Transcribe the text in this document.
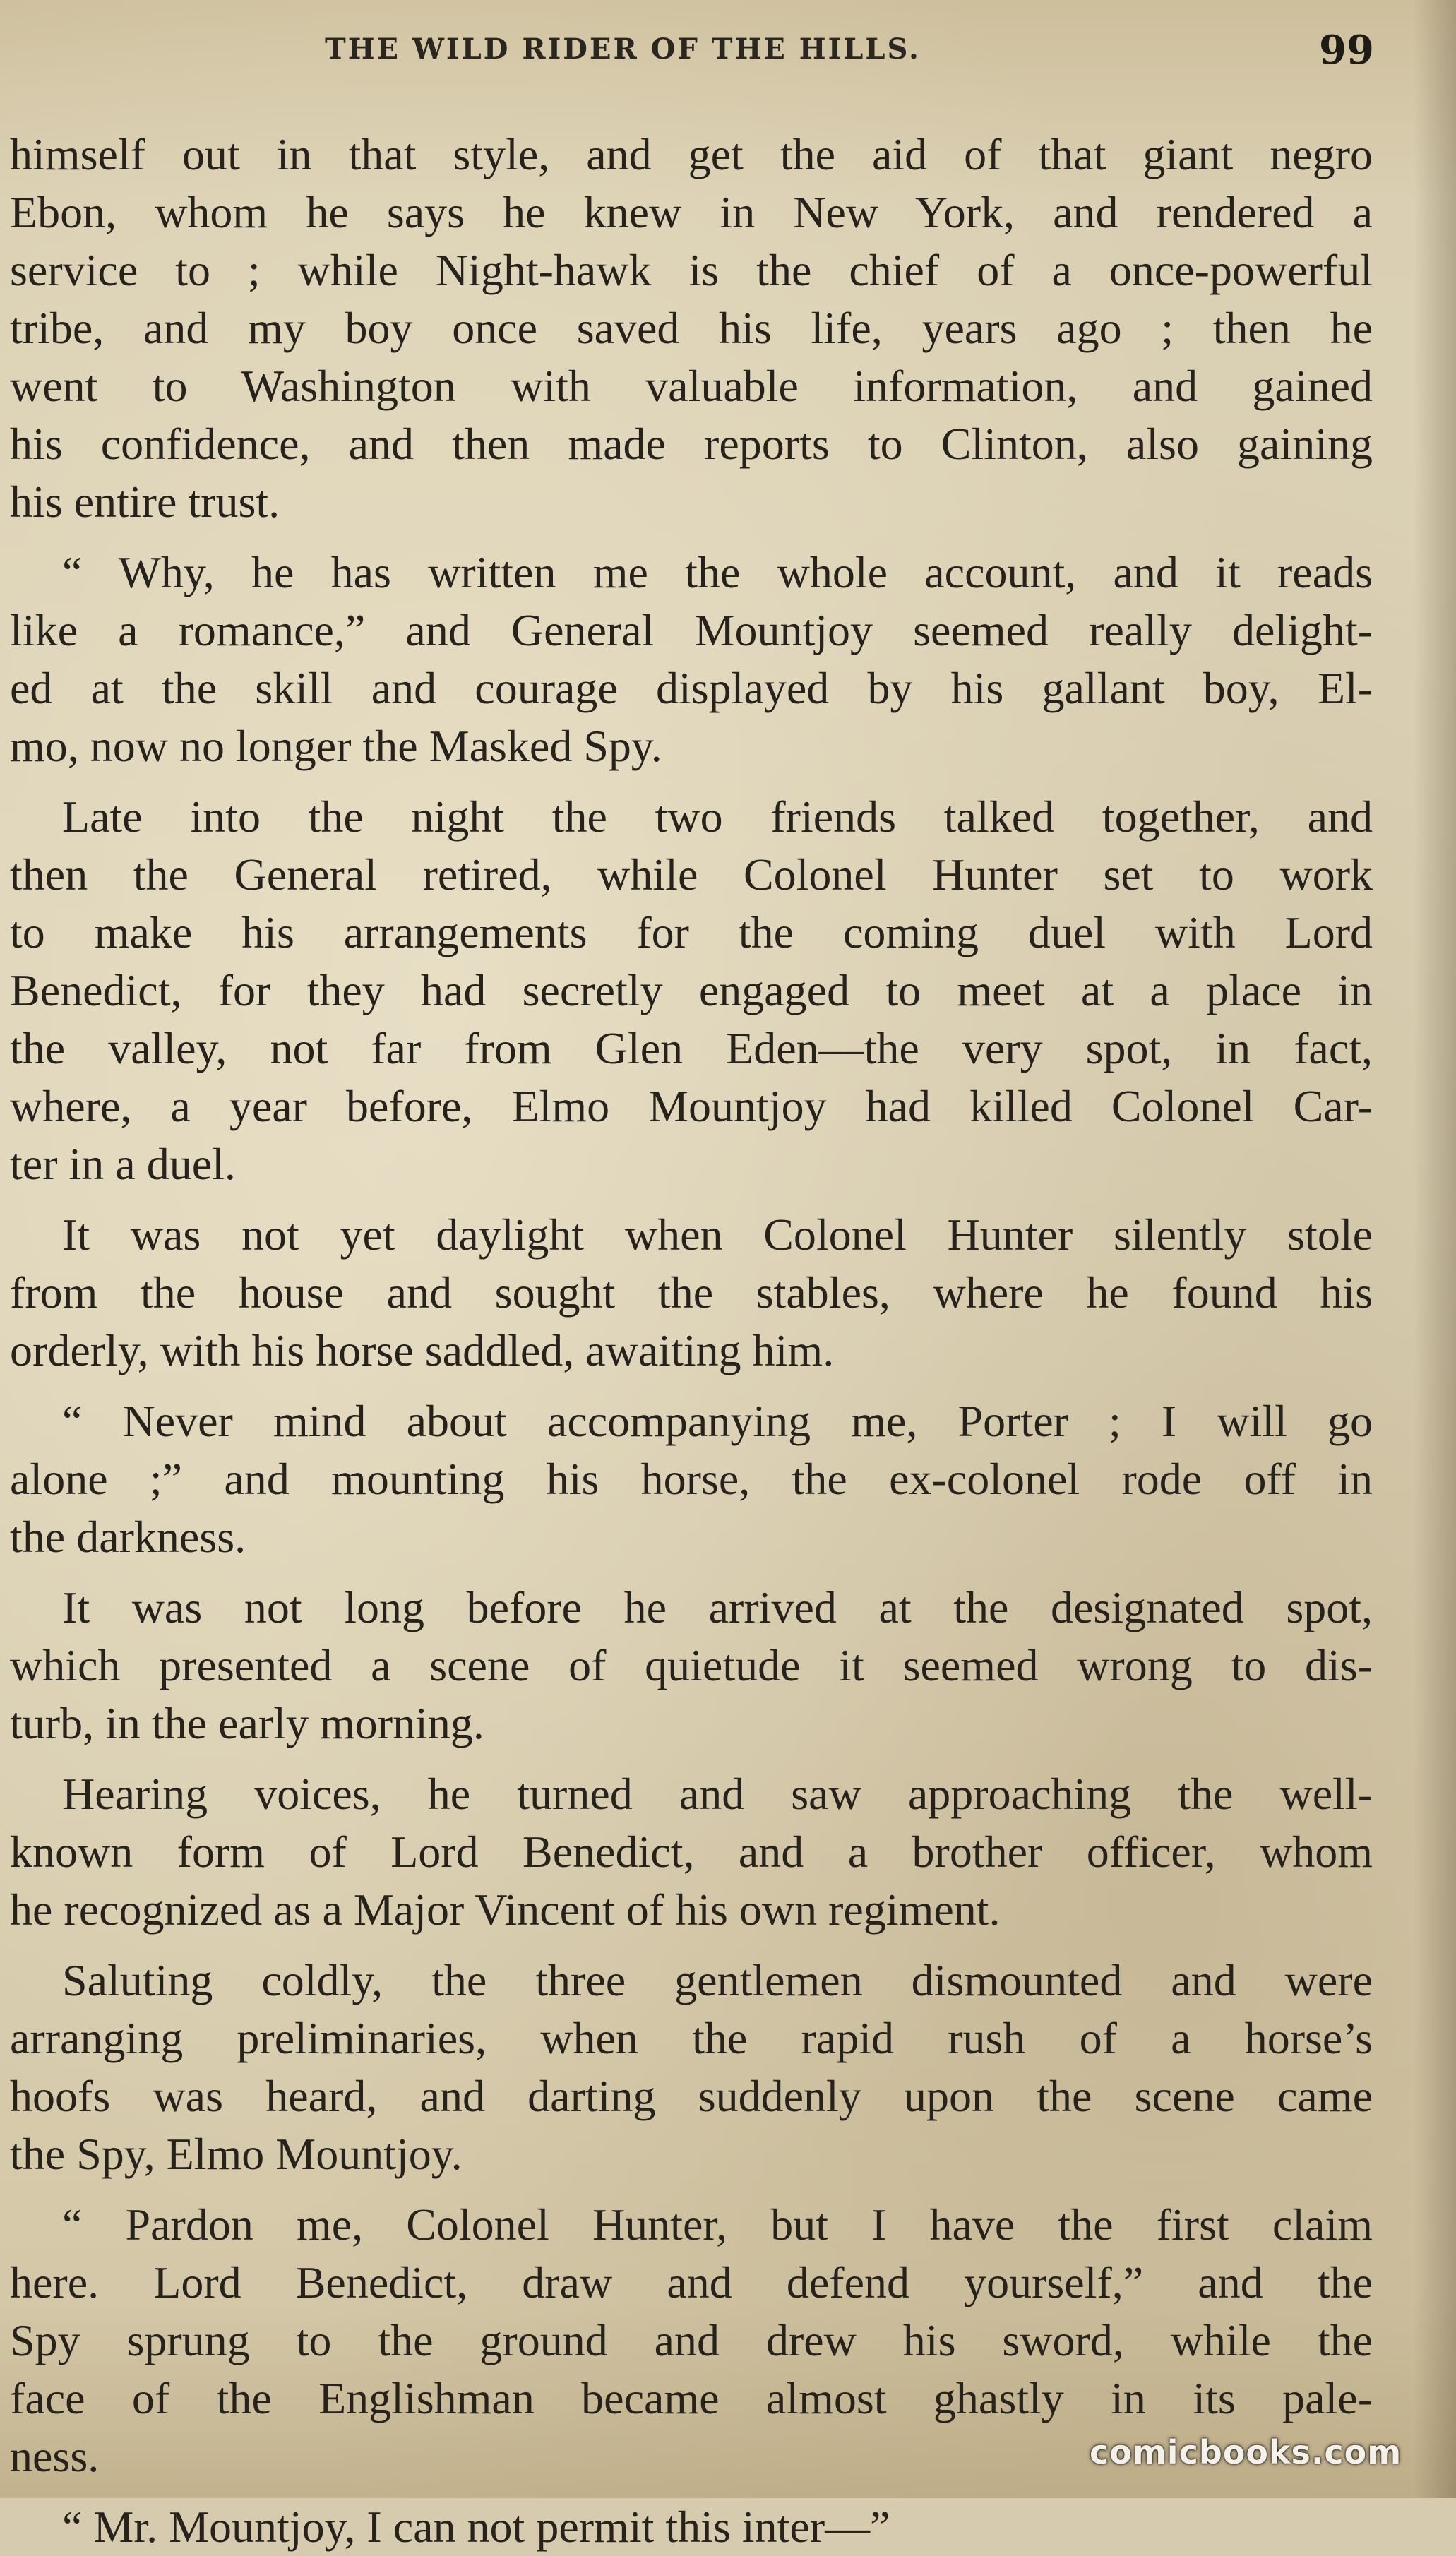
THE WILD RIDER OF THE HILLS.	99
himself out in that style, and get the aid of that giant negro
Ebon, whom he says he knew in New York, and rendered a
service to ; while Night-hawk is the chief of a once-powerful
tribe, and my boy once saved his life, years ago ; then he
went to Washington with valuable information, and gained
his confidence, and then made reports to Clinton, also gaining
his entire trust.
“ Why, he has written me the whole account, and it reads
like a romance,” and General Mountjoy seemed really delight-
ed at the skill and courage displayed by his gallant boy, El-
mo, now no longer the Masked Spy.
Late into the night the two friends talked together, and
then the General retired, while Colonel Hunter set to work
to make his arrangements for the coming duel with Lord
Benedict, for they had secretly engaged to meet at a place in
the valley, not far from Glen Eden—the very spot, in fact,
where, a year before, Elmo Mountjoy had killed Colonel Car-
ter in a duel.
It was not yet daylight when Colonel Hunter silently stole
from the house and sought the stables, where he found his
orderly, with his horse saddled, awaiting him.
“ Never mind about accompanying me, Porter ; I will go
alone ;” and mounting his horse, the ex-colonel rode off in
the darkness.
It was not long before he arrived at the designated spot,
which presented a scene of quietude it seemed wrong to dis-
turb, in the early morning.
Hearing voices, he turned and saw approaching the well-
known form of Lord Benedict, and a brother officer, whom
he recognized as a Major Vincent of his own regiment.
Saluting coldly, the three gentlemen dismounted and were
arranging preliminaries, when the rapid rush of a horse’s
hoofs was heard, and darting suddenly upon the scene came
the Spy, Elmo Mountjoy.
“ Pardon me, Colonel Hunter, but I have the first claim
here. Lord Benedict, draw and defend yourself,” and the
Spy sprung to the ground and drew his sword, while the
face of the Englishman became almost ghastly in its pale-
ness.
“ Mr. Mountjoy, I can not permit this inter—”
comicbooks.com
